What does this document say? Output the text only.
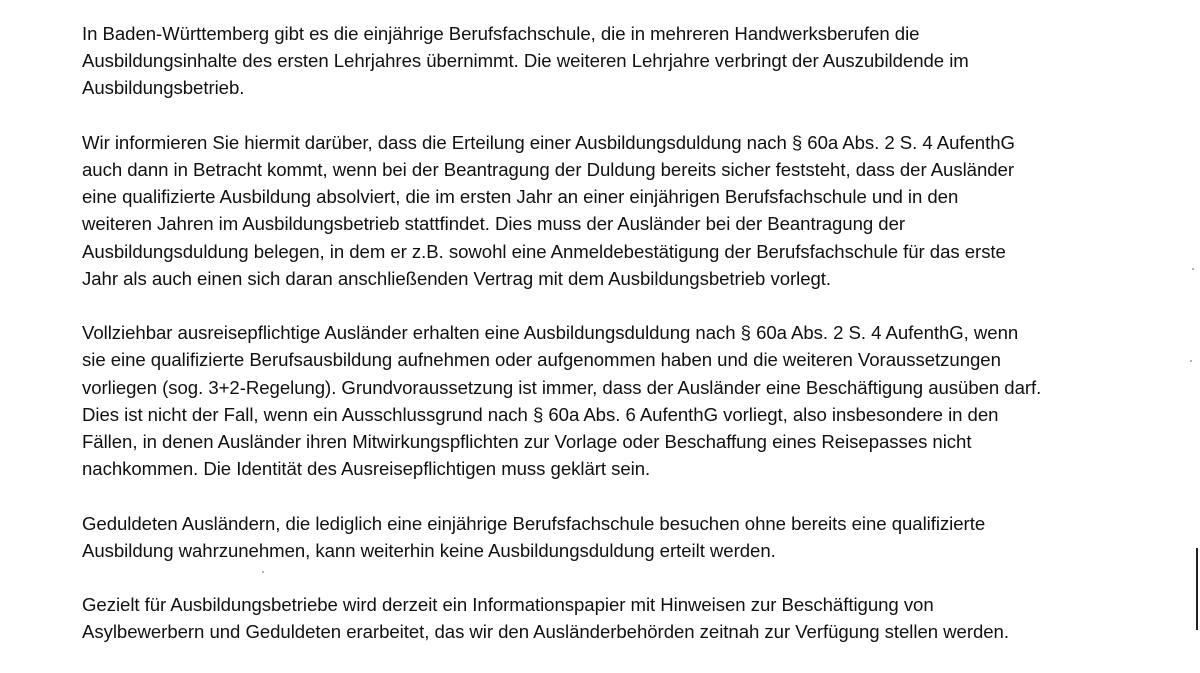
In Baden-Württemberg gibt es die einjährige Berufsfachschule, die in mehreren Handwerksberufen die
Ausbildungsinhalte des ersten Lehrjahres übernimmt. Die weiteren Lehrjahre verbringt der Auszubildende im
Ausbildungsbetrieb.

Wir informieren Sie hiermit darüber, dass die Erteilung einer Ausbildungsduldung nach § 60a Abs. 2 S. 4 AufenthG
auch dann in Betracht kommt, wenn bei der Beantragung der Duldung bereits sicher feststeht, dass der Ausländer
eine qualifizierte Ausbildung absolviert, die im ersten Jahr an einer einjährigen Berufsfachschule und in den
weiteren Jahren im Ausbildungsbetrieb stattfindet. Dies muss der Ausländer bei der Beantragung der
Ausbildungsduldung belegen, in dem er z.B. sowohl eine Anmeldebestätigung der Berufsfachschule für das erste
Jahr als auch einen sich daran anschließenden Vertrag mit dem Ausbildungsbetrieb vorlegt.

Vollziehbar ausreisepflichtige Ausländer erhalten eine Ausbildungsduldung nach § 60a Abs. 2 S. 4 AufenthG, wenn
sie eine qualifizierte Berufsausbildung aufnehmen oder aufgenommen haben und die weiteren Voraussetzungen
vorliegen (sog. 3+2-Regelung). Grundvoraussetzung ist immer, dass der Ausländer eine Beschäftigung ausüben darf.
Dies ist nicht der Fall, wenn ein Ausschlussgrund nach § 60a Abs. 6 AufenthG vorliegt, also insbesondere in den
Fällen, in denen Ausländer ihren Mitwirkungspflichten zur Vorlage oder Beschaffung eines Reisepasses nicht
nachkommen. Die Identität des Ausreisepflichtigen muss geklärt sein.

Geduldeten Ausländern, die lediglich eine einjährige Berufsfachschule besuchen ohne bereits eine qualifizierte
Ausbildung wahrzunehmen, kann weiterhin keine Ausbildungsduldung erteilt werden.

Gezielt für Ausbildungsbetriebe wird derzeit ein Informationspapier mit Hinweisen zur Beschäftigung von
Asylbewerbern und Geduldeten erarbeitet, das wir den Ausländerbehörden zeitnah zur Verfügung stellen werden.
